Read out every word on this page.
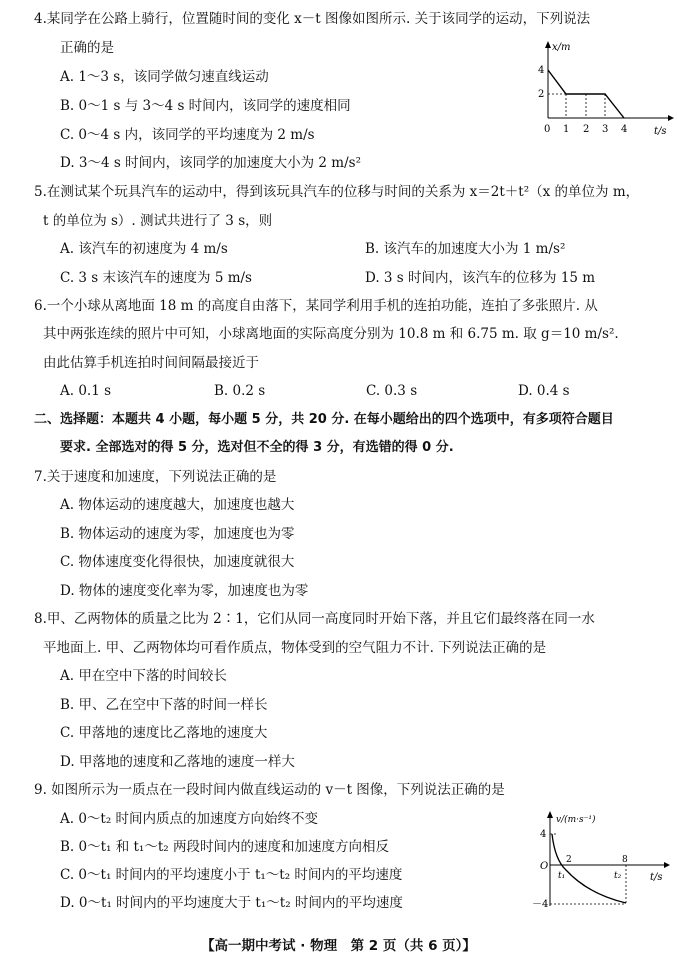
4.某同学在公路上骑行，位置随时间的变化 x－t 图像如图所示. 关于该同学的运动，下列说法
正确的是
A. 1～3 s，该同学做匀速直线运动
B. 0～1 s 与 3～4 s 时间内，该同学的速度相同
C. 0～4 s 内，该同学的平均速度为 2 m/s
D. 3～4 s 时间内，该同学的加速度大小为 2 m/s²
x/m
t/s
4
2
0 1 2 3 4
5.在测试某个玩具汽车的运动中，得到该玩具汽车的位移与时间的关系为 x＝2t＋t²（x 的单位为 m，
t 的单位为 s）. 测试共进行了 3 s，则
A. 该汽车的初速度为 4 m/s	B. 该汽车的加速度大小为 1 m/s²
C. 3 s 末该汽车的速度为 5 m/s	D. 3 s 时间内，该汽车的位移为 15 m
6.一个小球从离地面 18 m 的高度自由落下，某同学利用手机的连拍功能，连拍了多张照片. 从
其中两张连续的照片中可知，小球离地面的实际高度分别为 10.8 m 和 6.75 m. 取 g＝10 m/s².
由此估算手机连拍时间间隔最接近于
A. 0.1 s	B. 0.2 s	C. 0.3 s	D. 0.4 s
二、选择题：本题共 4 小题，每小题 5 分，共 20 分. 在每小题给出的四个选项中，有多项符合题目
要求. 全部选对的得 5 分，选对但不全的得 3 分，有选错的得 0 分.
7.关于速度和加速度，下列说法正确的是
A. 物体运动的速度越大，加速度也越大
B. 物体运动的速度为零，加速度也为零
C. 物体速度变化得很快，加速度就很大
D. 物体的速度变化率为零，加速度也为零
8.甲、乙两物体的质量之比为 2∶1，它们从同一高度同时开始下落，并且它们最终落在同一水
平地面上. 甲、乙两物体均可看作质点，物体受到的空气阻力不计. 下列说法正确的是
A. 甲在空中下落的时间较长
B. 甲、乙在空中下落的时间一样长
C. 甲落地的速度比乙落地的速度大
D. 甲落地的速度和乙落地的速度一样大
9. 如图所示为一质点在一段时间内做直线运动的 v－t 图像，下列说法正确的是
A. 0～t₂ 时间内质点的加速度方向始终不变
B. 0～t₁ 和 t₁～t₂ 两段时间内的速度和加速度方向相反
C. 0～t₁ 时间内的平均速度小于 t₁～t₂ 时间内的平均速度
D. 0～t₁ 时间内的平均速度大于 t₁～t₂ 时间内的平均速度
v/(m·s⁻¹)
t/s
4
O
－4
t₁	t₂
2	8
【高一期中考试 · 物理　第 2 页（共 6 页）】
